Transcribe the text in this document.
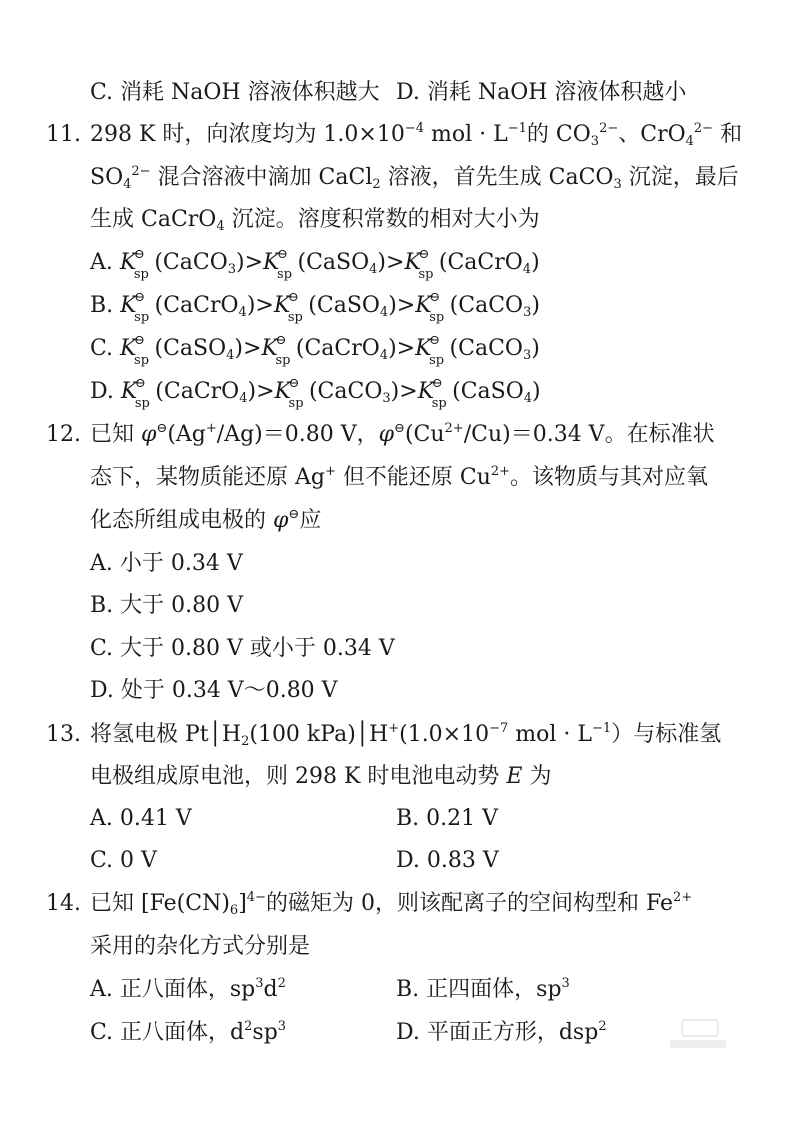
C. 消耗 NaOH 溶液体积越大 D. 消耗 NaOH 溶液体积越小
11. 298 K 时，向浓度均为 $1.0\times 10^{-4}$ mol · $L^{-1}$的 $CO_3^{2-}$、CrO$_4^{2-}$ 和
$SO_4^{2-}$ 混合溶液中滴加 CaCl$_2$ 溶液，首先生成 CaCO$_3$ 沉淀，最后
生成 CaCrO$_4$ 沉淀。溶度积常数的相对大小为
A. K
⊖
sp (CaCO$_3$)>K
⊖
sp (CaSO$_4$)>K
⊖
sp (CaCrO$_4$)
B. K
⊖
sp (CaCrO$_4$)>K
⊖
sp (CaSO$_4$)>K
⊖
sp (CaCO$_3$)
C. K
⊖
sp (CaSO$_4$)>K
⊖
sp (CaCrO$_4$)>K
⊖
sp (CaCO$_3$)
D. K
⊖
sp (CaCrO$_4$)>K
⊖
sp (CaCO$_3$)>K
⊖
sp (CaSO$_4$)
12. 已知 φ⊖(Ag+/Ag)＝0.80 V，$\varphi^⊖(Cu^{2+}/Cu)=0.34$ V。在标准状
态下，某物质能还原 Ag+ 但不能还原 $Cu^{2+}$。该物质与其对应氧
化态所组成电极的 φ⊖应
A. 小于 0.34 V
B. 大于 0.80 V
C. 大于 0.80 V 或小于 0.34 V
D. 处于 0.34 V～0.80 V
13. 将氢电极 $Pt│H_2(100$ $kPa)│H^+(1.0\times 10^{-7}$ mol · $L^{-1}$）与标准氢
电极组成原电池，则 298 K 时电池电动势 E 为
A. 0.41 V	B. 0.21 V
C. 0 V	D. 0.83 V
14. 已知 $[Fe(CN)_6]^{4-}$的磁矩为 0，则该配离子的空间构型和 $Fe^{2+}$
采用的杂化方式分别是
A. 正八面体，$sp^3d^2$	B. 正四面体，$sp^3$
C. 正八面体，$d^2sp^3$	D. 平面正方形，dsp$^2$
